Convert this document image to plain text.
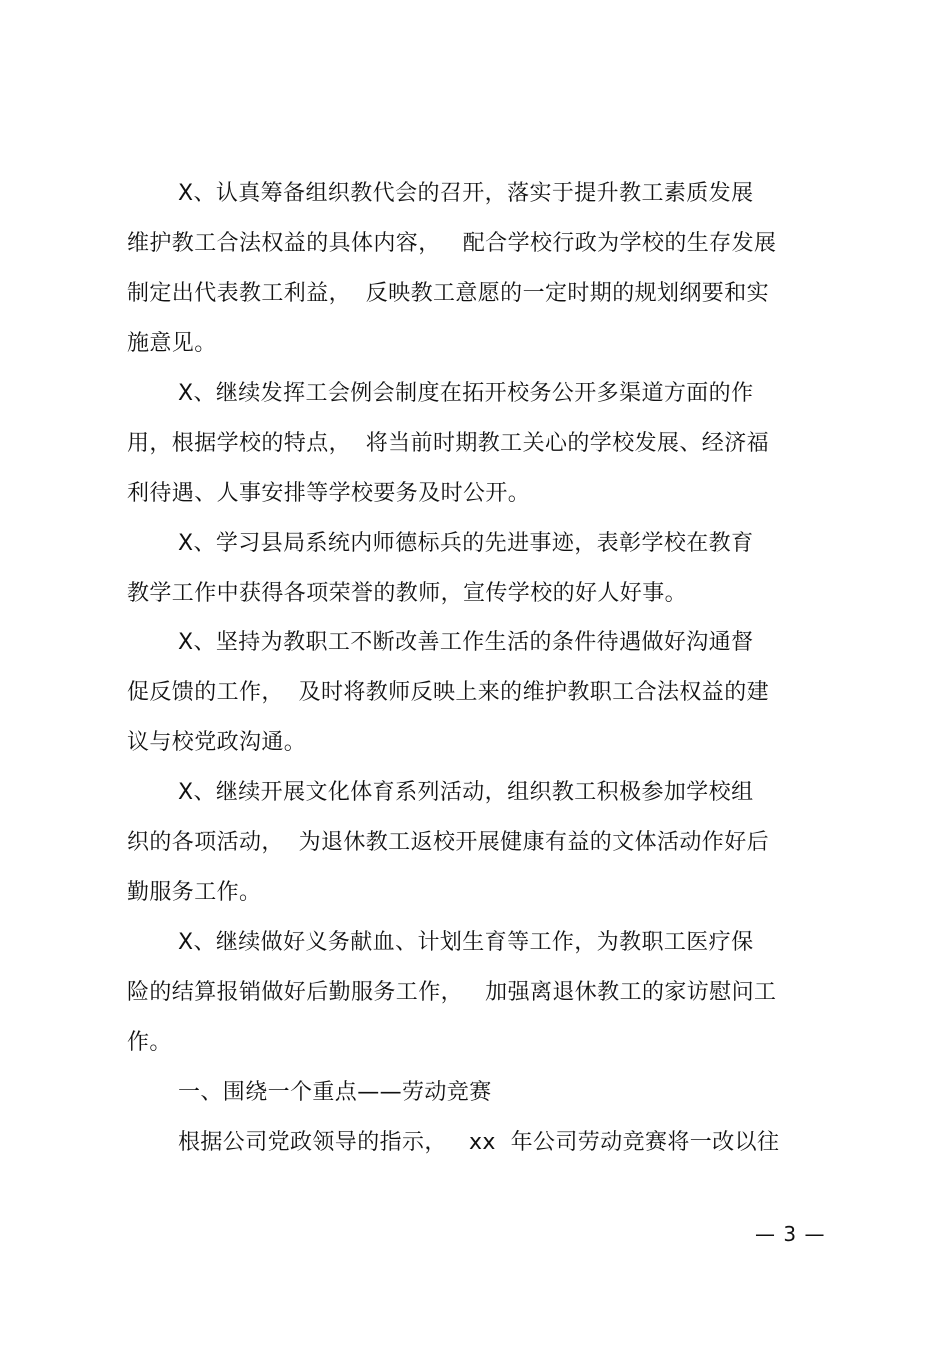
X、认真筹备组织教代会的召开，落实于提升教工素质发展
维护教工合法权益的具体内容，   配合学校行政为学校的生存发展
制定出代表教工利益，  反映教工意愿的一定时期的规划纲要和实
施意见。
X、继续发挥工会例会制度在拓开校务公开多渠道方面的作
用，根据学校的特点，  将当前时期教工关心的学校发展、经济福
利待遇、人事安排等学校要务及时公开。
X、学习县局系统内师德标兵的先进事迹，表彰学校在教育
教学工作中获得各项荣誉的教师，宣传学校的好人好事。
X、坚持为教职工不断改善工作生活的条件待遇做好沟通督
促反馈的工作，  及时将教师反映上来的维护教职工合法权益的建
议与校党政沟通。
X、继续开展文化体育系列活动，组织教工积极参加学校组
织的各项活动，  为退休教工返校开展健康有益的文体活动作好后
勤服务工作。
X、继续做好义务献血、计划生育等工作，为教职工医疗保
险的结算报销做好后勤服务工作，   加强离退休教工的家访慰问工
作。
一、围绕一个重点——劳动竞赛
根据公司党政领导的指示，   xx  年公司劳动竞赛将一改以往
— 3 —
